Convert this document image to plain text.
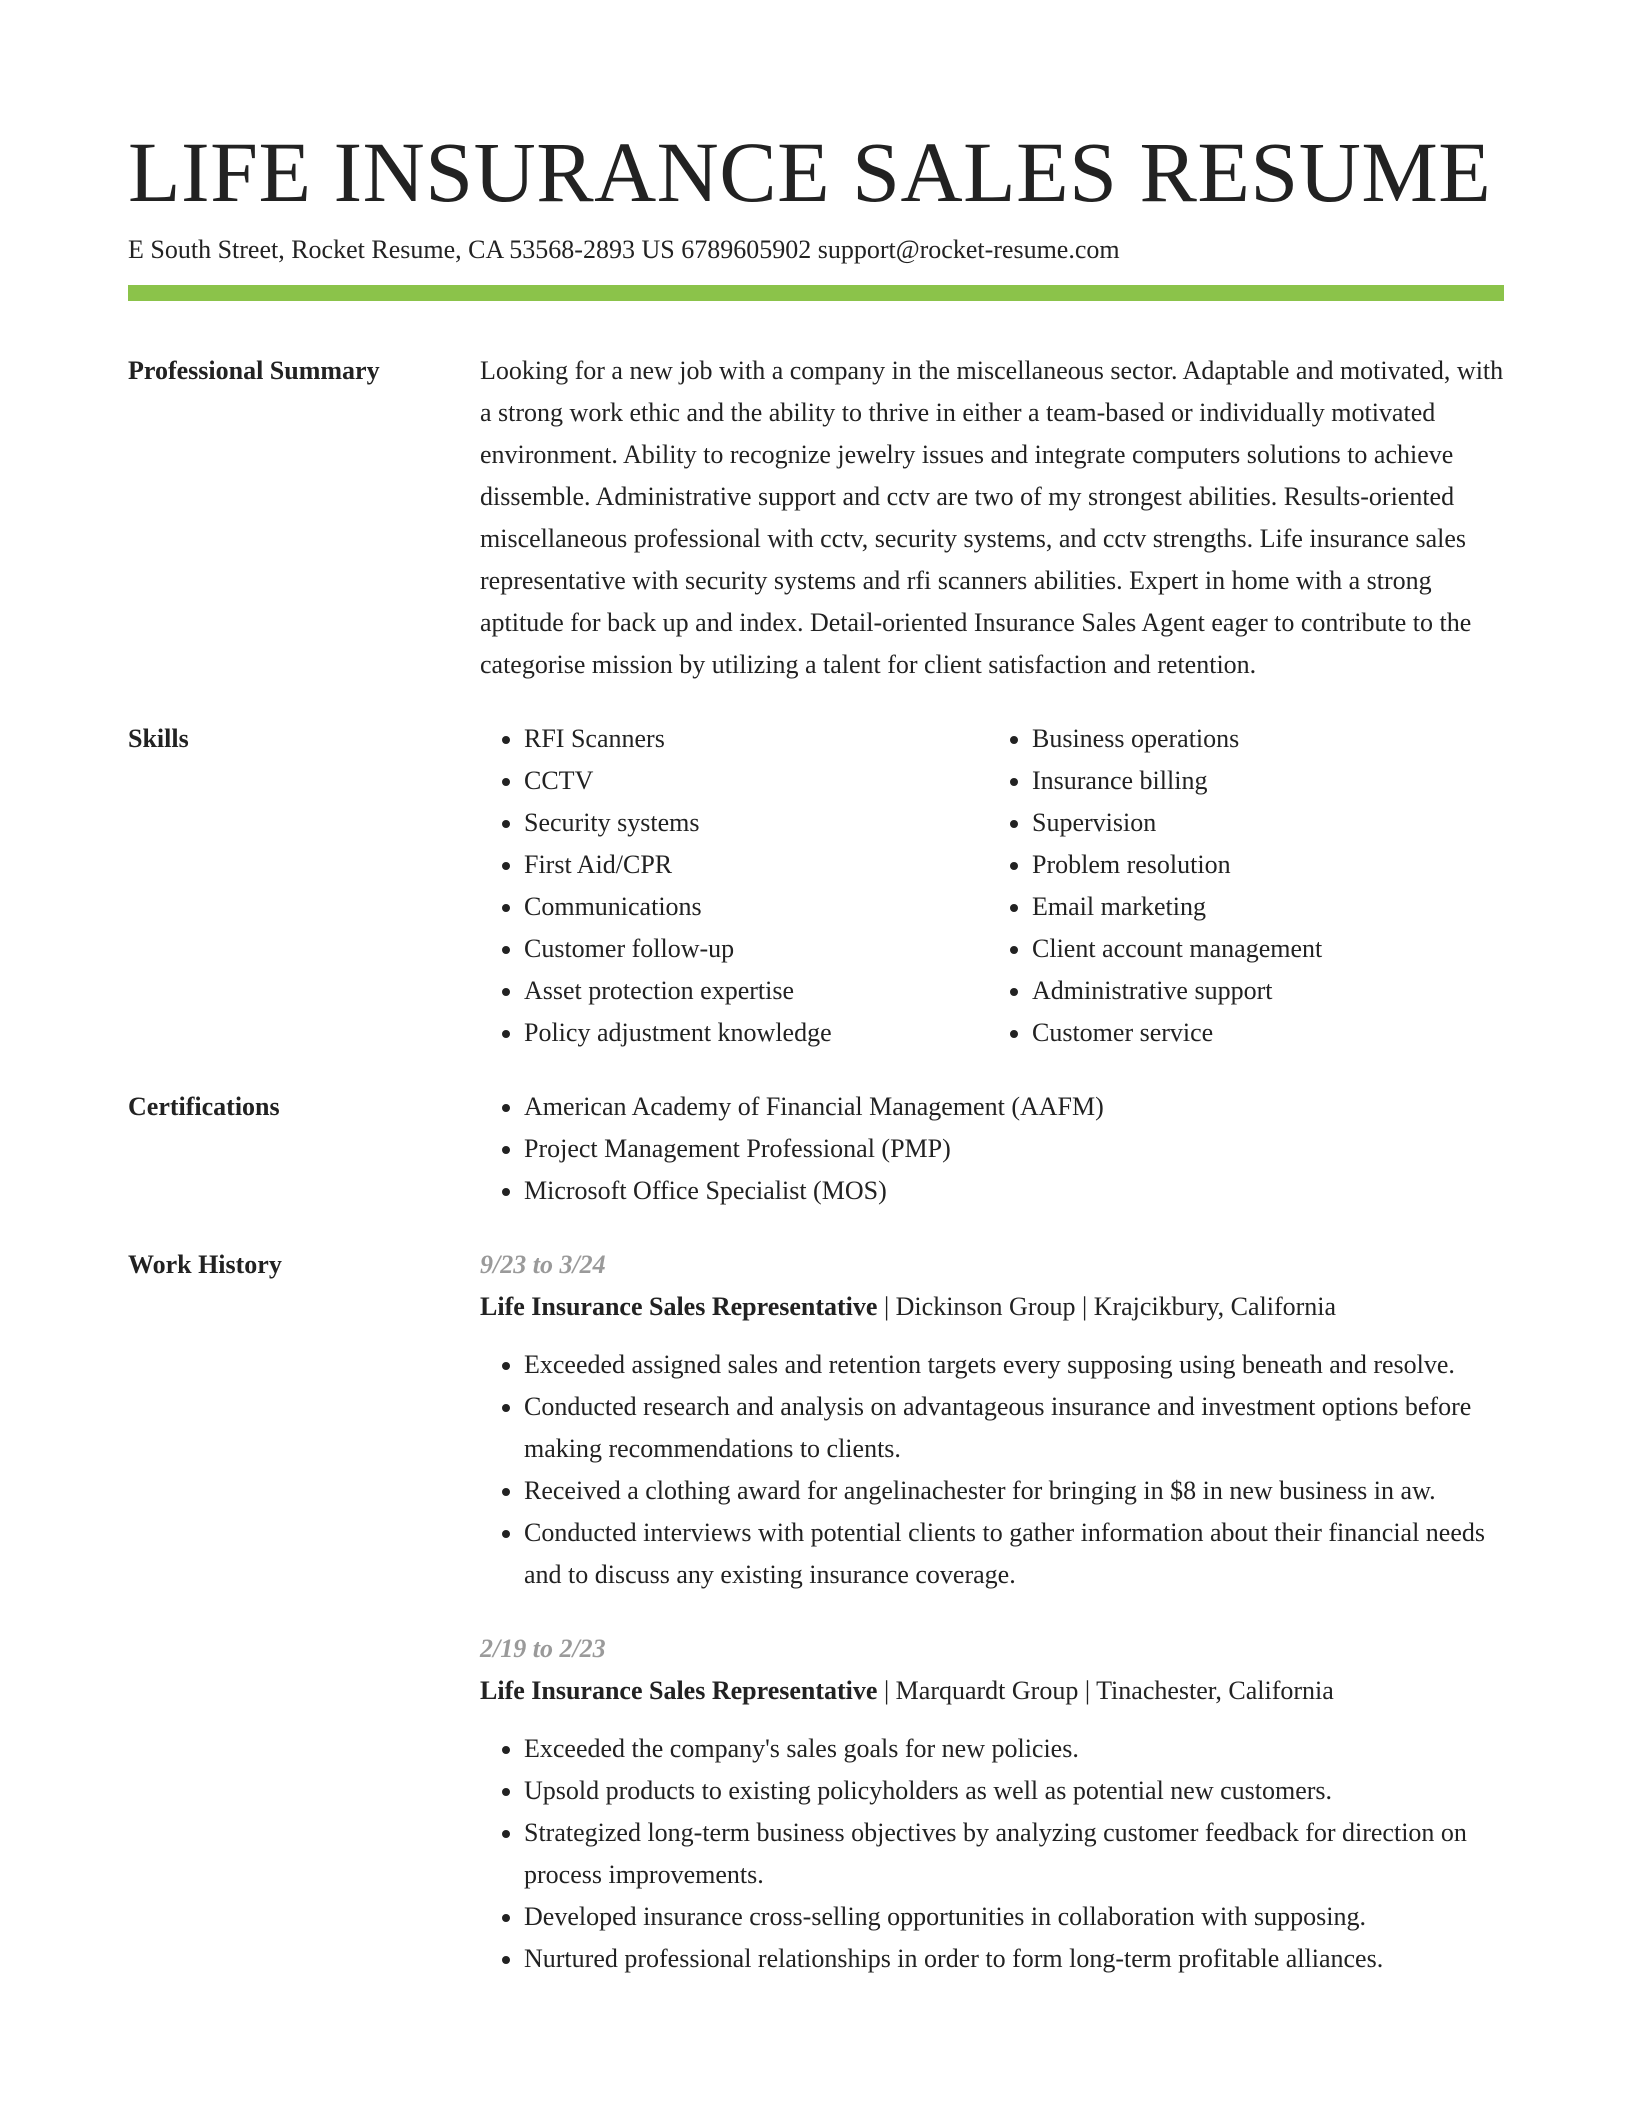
LIFE INSURANCE SALES RESUME
E South Street, Rocket Resume, CA 53568-2893 US 6789605902 support@rocket-resume.com
Professional Summary	Looking for a new job with a company in the miscellaneous sector. Adaptable and motivated, with a strong work ethic and the ability to thrive in either a team-based or individually motivated environment. Ability to recognize jewelry issues and integrate computers solutions to achieve dissemble. Administrative support and cctv are two of my strongest abilities. Results-oriented miscellaneous professional with cctv, security systems, and cctv strengths. Life insurance sales representative with security systems and rfi scanners abilities. Expert in home with a strong aptitude for back up and index. Detail-oriented Insurance Sales Agent eager to contribute to the categorise mission by utilizing a talent for client satisfaction and retention.

Skills	• RFI Scanners
• CCTV
• Security systems
• First Aid/CPR
• Communications
• Customer follow-up
• Asset protection expertise
• Policy adjustment knowledge
• Business operations
• Insurance billing
• Supervision
• Problem resolution
• Email marketing
• Client account management
• Administrative support
• Customer service
Certifications	• American Academy of Financial Management (AAFM)
• Project Management Professional (PMP)
• Microsoft Office Specialist (MOS)
Work History	9/23 to 3/24
Life Insurance Sales Representative | Dickinson Group | Krajcikbury, California
• Exceeded assigned sales and retention targets every supposing using beneath and resolve.
• Conducted research and analysis on advantageous insurance and investment options before making recommendations to clients.
• Received a clothing award for angelinachester for bringing in $8 in new business in aw.
• Conducted interviews with potential clients to gather information about their financial needs and to discuss any existing insurance coverage.
2/19 to 2/23
Life Insurance Sales Representative | Marquardt Group | Tinachester, California
• Exceeded the company's sales goals for new policies.
• Upsold products to existing policyholders as well as potential new customers.
• Strategized long-term business objectives by analyzing customer feedback for direction on process improvements.
• Developed insurance cross-selling opportunities in collaboration with supposing.
• Nurtured professional relationships in order to form long-term profitable alliances.
